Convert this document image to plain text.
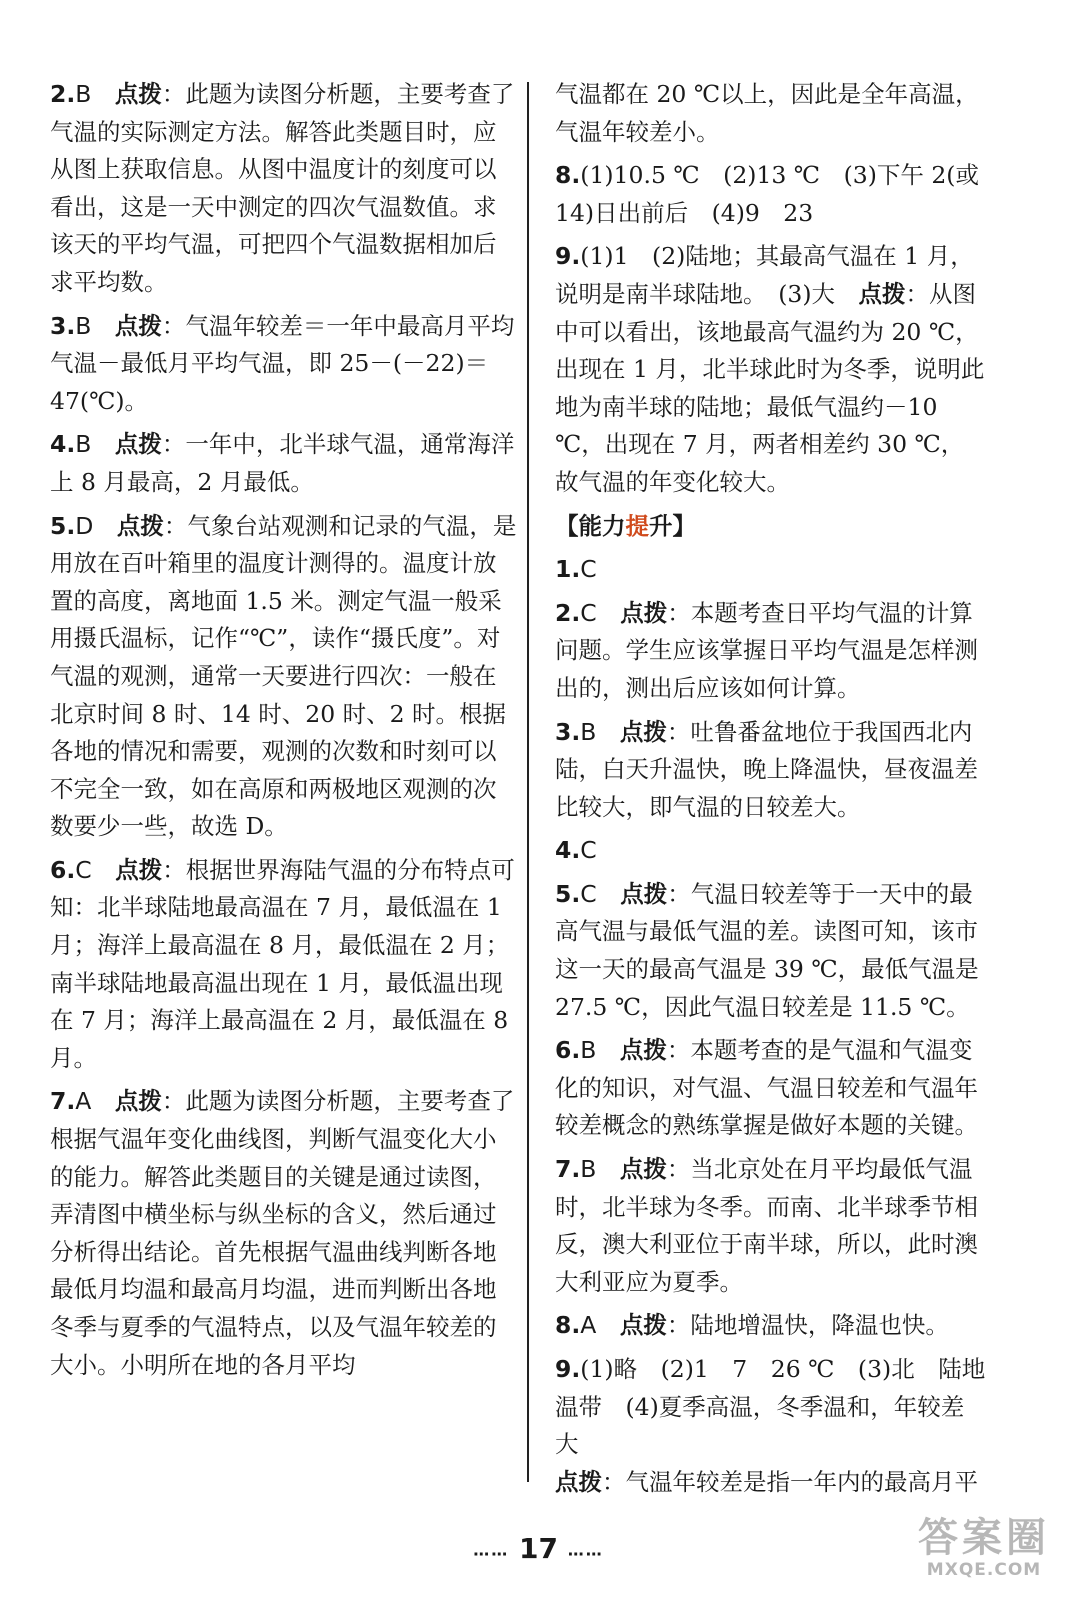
2.B　 点拨：此题为读图分析题，主要考查了气温的实际测定方法。解答此类题目时，应从图上获取信息。从图中温度计的刻度可以看出，这是一天中测定的四次气温数值。求该天的平均气温，可把四个气温数据相加后求平均数。
3.B　 点拨：气温年较差＝一年中最高月平均气温－最低月平均气温，即 25－(－22)＝47(℃)。
4.B　 点拨：一年中，北半球气温，通常海洋上 8 月最高，2 月最低。
5.D　 点拨：气象台站观测和记录的气温，是用放在百叶箱里的温度计测得的。温度计放置的高度，离地面 1.5 米。测定气温一般采用摄氏温标，记作“℃”，读作“摄氏度”。对气温的观测，通常一天要进行四次：一般在北京时间 8 时、14 时、20 时、2 时。根据各地的情况和需要，观测的次数和时刻可以不完全一致，如在高原和两极地区观测的次数要少一些，故选 D。
6.C　 点拨：根据世界海陆气温的分布特点可知：北半球陆地最高温在 7 月，最低温在 1 月；海洋上最高温在 8 月，最低温在 2 月；南半球陆地最高温出现在 1 月，最低温出现在 7 月；海洋上最高温在 2 月，最低温在 8 月。
7.A　 点拨：此题为读图分析题，主要考查了根据气温年变化曲线图，判断气温变化大小的能力。解答此类题目的关键是通过读图，弄清图中横坐标与纵坐标的含义，然后通过分析得出结论。首先根据气温曲线判断各地最低月均温和最高月均温，进而判断出各地冬季与夏季的气温特点，以及气温年较差的大小。小明所在地的各月平均
气温都在 20 ℃以上，因此是全年高温，气温年较差小。
8.(1)10.5 ℃　(2)13 ℃　(3)下午 2(或 14)日出前后　(4)9　23
9.(1)1　(2)陆地；其最高气温在 1 月，说明是南半球陆地。　(3)大　点拨：从图中可以看出，该地最高气温约为 20 ℃，出现在 1 月，北半球此时为冬季，说明此地为南半球的陆地；最低气温约－10 ℃，出现在 7 月，两者相差约 30 ℃，故气温的年变化较大。
【能力提升】
1.C
2.C　 点拨：本题考查日平均气温的计算问题。学生应该掌握日平均气温是怎样测出的，测出后应该如何计算。
3.B　 点拨：吐鲁番盆地位于我国西北内陆，白天升温快，晚上降温快，昼夜温差比较大，即气温的日较差大。
4.C
5.C　 点拨：气温日较差等于一天中的最高气温与最低气温的差。读图可知，该市这一天的最高气温是 39 ℃，最低气温是 27.5 ℃，因此气温日较差是 11.5 ℃。
6.B　 点拨：本题考查的是气温和气温变化的知识，对气温、气温日较差和气温年较差概念的熟练掌握是做好本题的关键。
7.B　 点拨：当北京处在月平均最低气温时，北半球为冬季。而南、北半球季节相反，澳大利亚位于南半球，所以，此时澳大利亚应为夏季。
8.A　 点拨：陆地增温快，降温也快。
9.(1)略　(2)1　7　26 ℃　(3)北　陆地温带　(4)夏季高温，冬季温和，年较差大
点拨：气温年较差是指一年内的最高月平
…… 17 ……	答案圈
MXQE.COM
